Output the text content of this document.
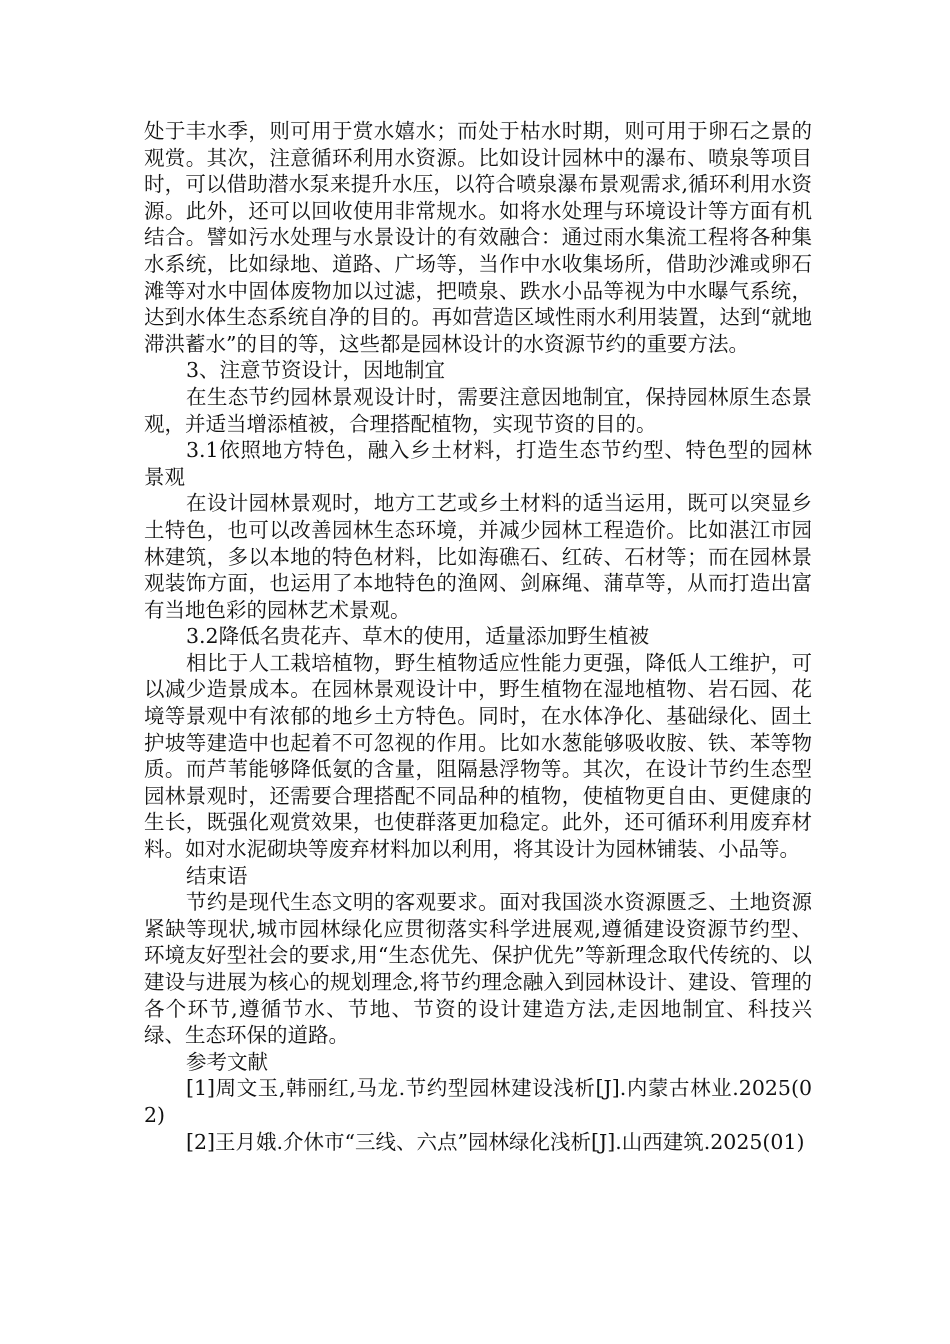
处于丰水季，则可用于赏水嬉水；而处于枯水时期，则可用于卵石之景的观赏。其次，注意循环利用水资源。比如设计园林中的瀑布、喷泉等项目时，可以借助潜水泵来提升水压，以符合喷泉瀑布景观需求,循环利用水资源。此外，还可以回收使用非常规水。如将水处理与环境设计等方面有机结合。譬如污水处理与水景设计的有效融合：通过雨水集流工程将各种集水系统，比如绿地、道路、广场等，当作中水收集场所，借助沙滩或卵石滩等对水中固体废物加以过滤，把喷泉、跌水小品等视为中水曝气系统，达到水体生态系统自净的目的。再如营造区域性雨水利用装置，达到“就地滞洪蓄水”的目的等，这些都是园林设计的水资源节约的重要方法。

3、注意节资设计，因地制宜

在生态节约园林景观设计时，需要注意因地制宜，保持园林原生态景观，并适当增添植被，合理搭配植物，实现节资的目的。

3.1依照地方特色，融入乡土材料，打造生态节约型、特色型的园林景观

在设计园林景观时，地方工艺或乡土材料的适当运用，既可以突显乡土特色，也可以改善园林生态环境，并减少园林工程造价。比如湛江市园林建筑，多以本地的特色材料，比如海礁石、红砖、石材等；而在园林景观装饰方面，也运用了本地特色的渔网、剑麻绳、蒲草等，从而打造出富有当地色彩的园林艺术景观。

3.2降低名贵花卉、草木的使用，适量添加野生植被

相比于人工栽培植物，野生植物适应性能力更强，降低人工维护，可以减少造景成本。在园林景观设计中，野生植物在湿地植物、岩石园、花境等景观中有浓郁的地乡土方特色。同时，在水体净化、基础绿化、固土护坡等建造中也起着不可忽视的作用。比如水葱能够吸收胺、铁、苯等物质。而芦苇能够降低氨的含量，阻隔悬浮物等。其次，在设计节约生态型园林景观时，还需要合理搭配不同品种的植物，使植物更自由、更健康的生长，既强化观赏效果，也使群落更加稳定。此外，还可循环利用废弃材料。如对水泥砌块等废弃材料加以利用，将其设计为园林铺装、小品等。

结束语

节约是现代生态文明的客观要求。面对我国淡水资源匮乏、土地资源紧缺等现状,城市园林绿化应贯彻落实科学进展观,遵循建设资源节约型、环境友好型社会的要求,用“生态优先、保护优先”等新理念取代传统的、以建设与进展为核心的规划理念,将节约理念融入到园林设计、建设、管理的各个环节,遵循节水、节地、节资的设计建造方法,走因地制宜、科技兴绿、生态环保的道路。

参考文献

[1]周文玉,韩丽红,马龙.节约型园林建设浅析[J].内蒙古林业.2025(02)

[2]王月娥.介休市“三线、六点”园林绿化浅析[J].山西建筑.2025(01)
